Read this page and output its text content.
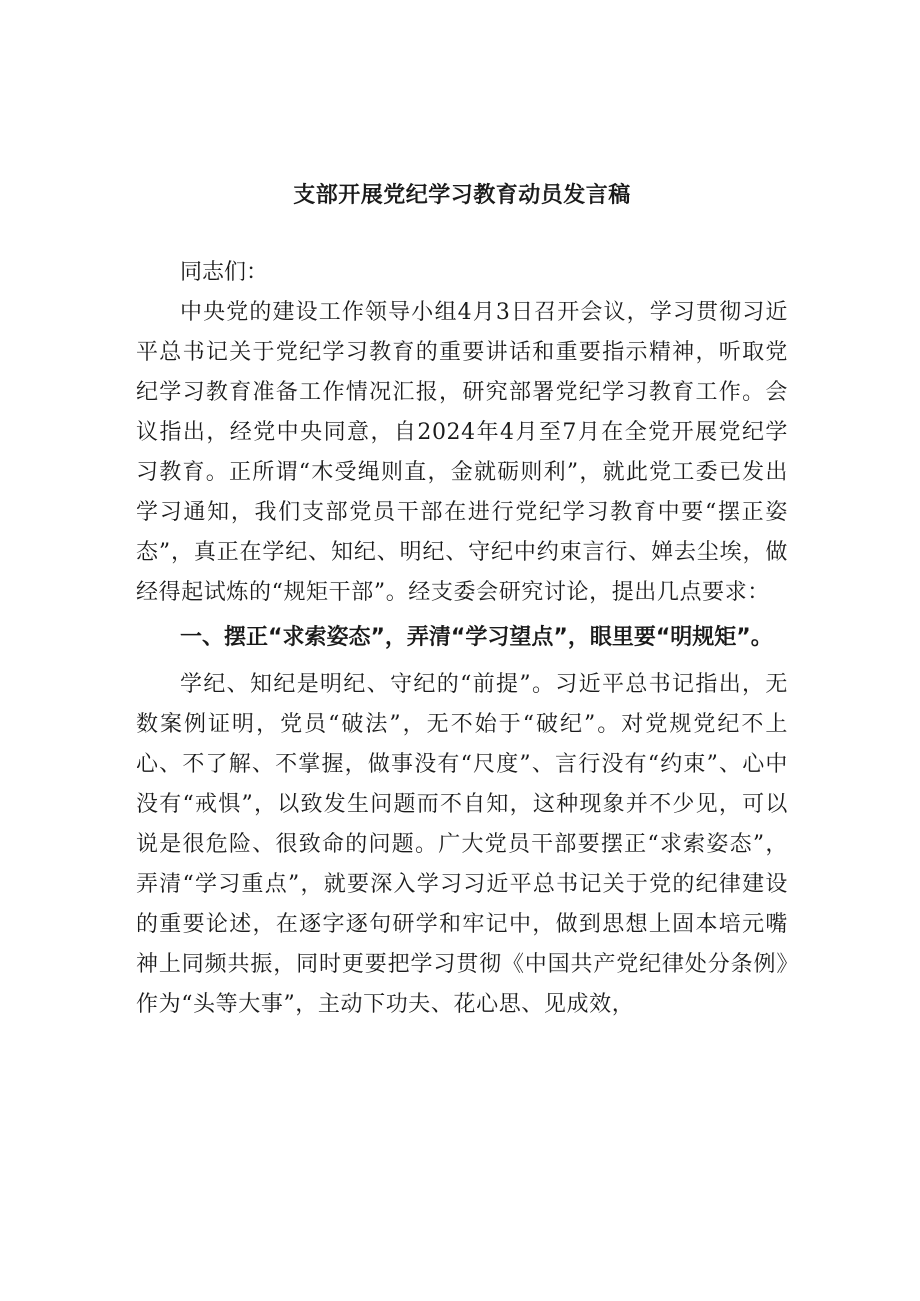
支部开展党纪学习教育动员发言稿

同志们：

中央党的建设工作领导小组4月3日召开会议，学习贯彻习近平总书记关于党纪学习教育的重要讲话和重要指示精神，听取党纪学习教育准备工作情况汇报，研究部署党纪学习教育工作。会议指出，经党中央同意，自2024年4月至7月在全党开展党纪学习教育。正所谓“木受绳则直，金就砺则利”，就此党工委已发出学习通知，我们支部党员干部在进行党纪学习教育中要“摆正姿态”，真正在学纪、知纪、明纪、守纪中约束言行、婵去尘埃，做经得起试炼的“规矩干部”。经支委会研究讨论，提出几点要求：

一、摆正“求索姿态”，弄清“学习望点”，眼里要“明规矩”。

学纪、知纪是明纪、守纪的“前提”。习近平总书记指出，无数案例证明，党员“破法”，无不始于“破纪”。对党规党纪不上心、不了解、不掌握，做事没有“尺度”、言行没有“约束”、心中没有“戒惧”，以致发生问题而不自知，这种现象并不少见，可以说是很危险、很致命的问题。广大党员干部要摆正“求索姿态”，弄清“学习重点”，就要深入学习习近平总书记关于党的纪律建设的重要论述，在逐字逐句研学和牢记中，做到思想上固本培元嘴神上同频共振，同时更要把学习贯彻《中国共产党纪律处分条例》作为“头等大事”，主动下功夫、花心思、见成效，
